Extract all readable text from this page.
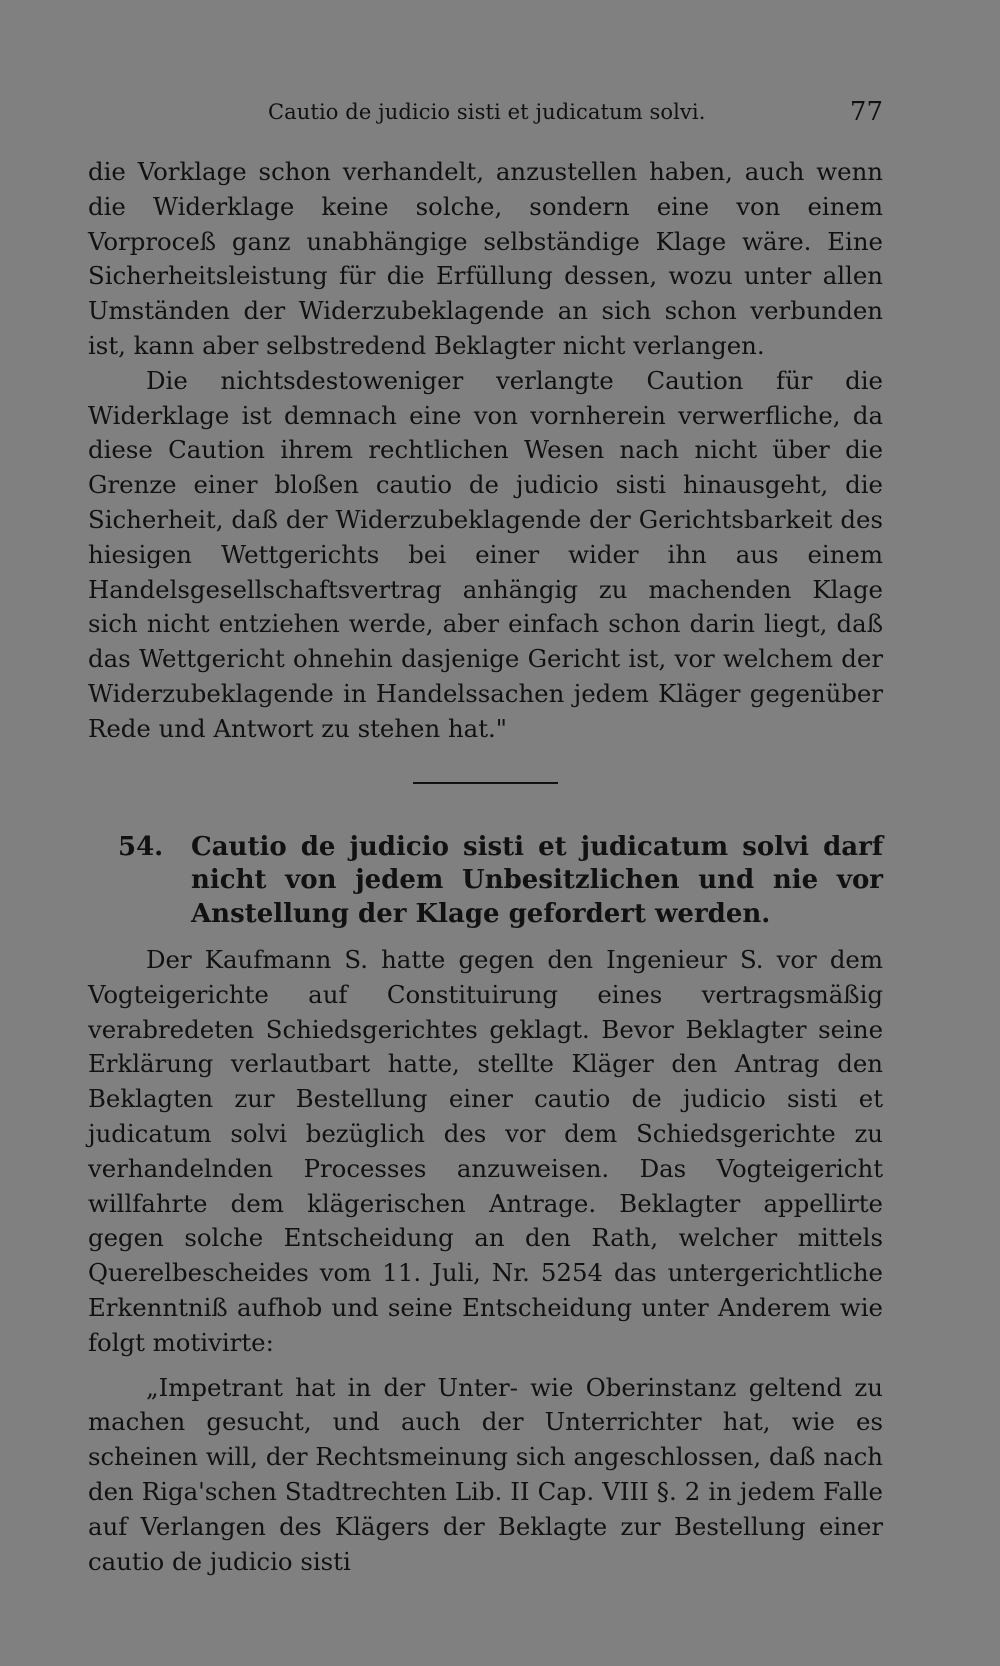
Cautio de judicio sisti et judicatum solvi.	77

die Vorklage schon verhandelt, anzustellen haben, auch wenn die Widerklage keine solche, sondern eine von einem Vorproceß ganz unabhängige selbständige Klage wäre. Eine Sicherheitsleistung für die Erfüllung dessen, wozu unter allen Umständen der Widerzubeklagende an sich schon verbunden ist, kann aber selbstredend Beklagter nicht verlangen.

Die nichtsdestoweniger verlangte Caution für die Widerklage ist demnach eine von vornherein verwerfliche, da diese Caution ihrem rechtlichen Wesen nach nicht über die Grenze einer bloßen cautio de judicio sisti hinausgeht, die Sicherheit, daß der Widerzubeklagende der Gerichtsbarkeit des hiesigen Wettgerichts bei einer wider ihn aus einem Handelsgesellschaftsvertrag anhängig zu machenden Klage sich nicht entziehen werde, aber einfach schon darin liegt, daß das Wettgericht ohnehin dasjenige Gericht ist, vor welchem der Widerzubeklagende in Handelssachen jedem Kläger gegenüber Rede und Antwort zu stehen hat."

54.	Cautio de judicio sisti et judicatum solvi darf nicht von jedem Unbesitzlichen und nie vor Anstellung der Klage gefordert werden.

Der Kaufmann S. hatte gegen den Ingenieur S. vor dem Vogteigerichte auf Constituirung eines vertragsmäßig verabredeten Schiedsgerichtes geklagt. Bevor Beklagter seine Erklärung verlautbart hatte, stellte Kläger den Antrag den Beklagten zur Bestellung einer cautio de judicio sisti et judicatum solvi bezüglich des vor dem Schiedsgerichte zu verhandelnden Processes anzuweisen. Das Vogteigericht willfahrte dem klägerischen Antrage. Beklagter appellirte gegen solche Entscheidung an den Rath, welcher mittels Querelbescheides vom 11. Juli, Nr. 5254 das untergerichtliche Erkenntniß aufhob und seine Entscheidung unter Anderem wie folgt motivirte:

„Impetrant hat in der Unter- wie Oberinstanz geltend zu machen gesucht, und auch der Unterrichter hat, wie es scheinen will, der Rechtsmeinung sich angeschlossen, daß nach den Riga'schen Stadtrechten Lib. II Cap. VIII §. 2 in jedem Falle auf Verlangen des Klägers der Beklagte zur Bestellung einer cautio de judicio sisti
